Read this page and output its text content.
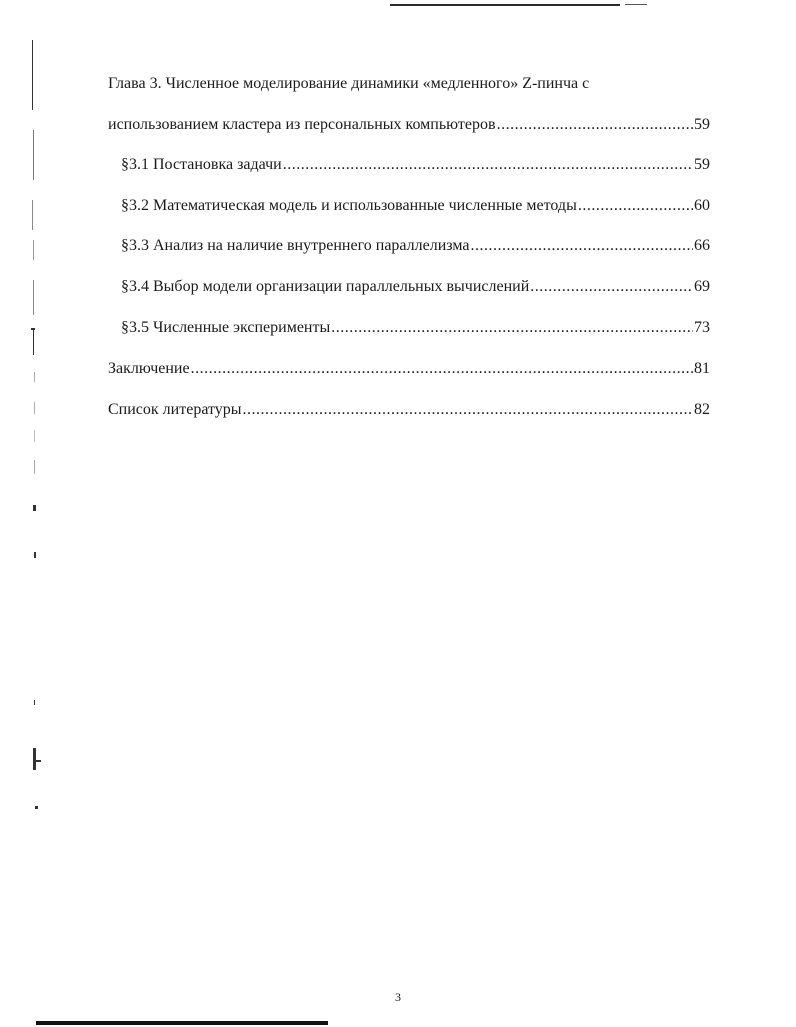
Глава 3. Численное моделирование динамики «медленного» Z-пинча с
использованием кластера из персональных компьютеров .....	59
§3.1 Постановка задачи .....	59
§3.2 Математическая модель и использованные численные методы .....	60
§3.3 Анализ на наличие внутреннего параллелизма .....	66
§3.4 Выбор модели организации параллельных вычислений .....	69
§3.5 Численные эксперименты .....	73
Заключение .....	81
Список литературы .....	82
3
